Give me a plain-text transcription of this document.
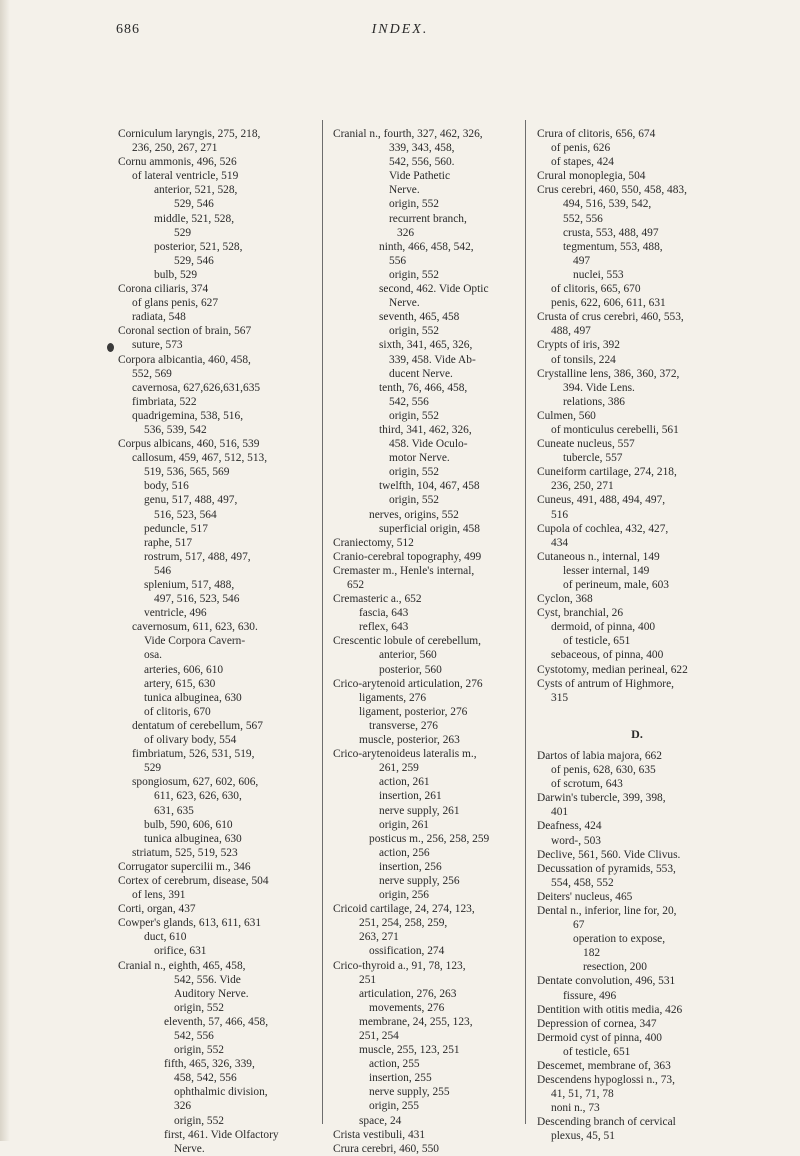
686	INDEX.
Corniculum laryngis, 275, 218,
236, 250, 267, 271
Cornu ammonis, 496, 526
of lateral ventricle, 519
anterior, 521, 528,
529, 546
middle, 521, 528,
529
posterior, 521, 528,
529, 546
bulb, 529
Corona ciliaris, 374
of glans penis, 627
radiata, 548
Coronal section of brain, 567
suture, 573
Corpora albicantia, 460, 458,
552, 569
cavernosa, 627,626,631,635
fimbriata, 522
quadrigemina, 538, 516,
536, 539, 542
Corpus albicans, 460, 516, 539
callosum, 459, 467, 512, 513,
519, 536, 565, 569
body, 516
genu, 517, 488, 497,
516, 523, 564
peduncle, 517
raphe, 517
rostrum, 517, 488, 497,
546
splenium, 517, 488,
497, 516, 523, 546
ventricle, 496
cavernosum, 611, 623, 630.
Vide Corpora Cavern-
osa.
arteries, 606, 610
artery, 615, 630
tunica albuginea, 630
of clitoris, 670
dentatum of cerebellum, 567
of olivary body, 554
fimbriatum, 526, 531, 519,
529
spongiosum, 627, 602, 606,
611, 623, 626, 630,
631, 635
bulb, 590, 606, 610
tunica albuginea, 630
striatum, 525, 519, 523
Corrugator supercilii m., 346
Cortex of cerebrum, disease, 504
of lens, 391
Corti, organ, 437
Cowper's glands, 613, 611, 631
duct, 610
orifice, 631
Cranial n., eighth, 465, 458,
542, 556. Vide
Auditory Nerve.
origin, 552
eleventh, 57, 466, 458,
542, 556
origin, 552
fifth, 465, 326, 339,
458, 542, 556
ophthalmic division,
326
origin, 552
first, 461. Vide Olfactory
Nerve.
Cranial n., fourth, 327, 462, 326,
339, 343, 458,
542, 556, 560.
Vide Pathetic
Nerve.
origin, 552
recurrent branch,
326
ninth, 466, 458, 542,
556
origin, 552
second, 462. Vide Optic
Nerve.
seventh, 465, 458
origin, 552
sixth, 341, 465, 326,
339, 458. Vide Ab-
ducent Nerve.
tenth, 76, 466, 458,
542, 556
origin, 552
third, 341, 462, 326,
458. Vide Oculo-
motor Nerve.
origin, 552
twelfth, 104, 467, 458
origin, 552
nerves, origins, 552
superficial origin, 458
Craniectomy, 512
Cranio-cerebral topography, 499
Cremaster m., Henle's internal,
652
Cremasteric a., 652
fascia, 643
reflex, 643
Crescentic lobule of cerebellum,
anterior, 560
posterior, 560
Crico-arytenoid articulation, 276
ligaments, 276
ligament, posterior, 276
transverse, 276
muscle, posterior, 263
Crico-arytenoideus lateralis m.,
261, 259
action, 261
insertion, 261
nerve supply, 261
origin, 261
posticus m., 256, 258, 259
action, 256
insertion, 256
nerve supply, 256
origin, 256
Cricoid cartilage, 24, 274, 123,
251, 254, 258, 259,
263, 271
ossification, 274
Crico-thyroid a., 91, 78, 123,
251
articulation, 276, 263
movements, 276
membrane, 24, 255, 123,
251, 254
muscle, 255, 123, 251
action, 255
insertion, 255
nerve supply, 255
origin, 255
space, 24
Crista vestibuli, 431
Crura cerebri, 460, 550
Crura of clitoris, 656, 674
of penis, 626
of stapes, 424
Crural monoplegia, 504
Crus cerebri, 460, 550, 458, 483,
494, 516, 539, 542,
552, 556
crusta, 553, 488, 497
tegmentum, 553, 488,
497
nuclei, 553
of clitoris, 665, 670
penis, 622, 606, 611, 631
Crusta of crus cerebri, 460, 553,
488, 497
Crypts of iris, 392
of tonsils, 224
Crystalline lens, 386, 360, 372,
394. Vide Lens.
relations, 386
Culmen, 560
of monticulus cerebelli, 561
Cuneate nucleus, 557
tubercle, 557
Cuneiform cartilage, 274, 218,
236, 250, 271
Cuneus, 491, 488, 494, 497,
516
Cupola of cochlea, 432, 427,
434
Cutaneous n., internal, 149
lesser internal, 149
of perineum, male, 603
Cyclon, 368
Cyst, branchial, 26
dermoid, of pinna, 400
of testicle, 651
sebaceous, of pinna, 400
Cystotomy, median perineal, 622
Cysts of antrum of Highmore,
315
D.
Dartos of labia majora, 662
of penis, 628, 630, 635
of scrotum, 643
Darwin's tubercle, 399, 398,
401
Deafness, 424
word-, 503
Declive, 561, 560. Vide Clivus.
Decussation of pyramids, 553,
554, 458, 552
Deiters' nucleus, 465
Dental n., inferior, line for, 20,
67
operation to expose,
182
resection, 200
Dentate convolution, 496, 531
fissure, 496
Dentition with otitis media, 426
Depression of cornea, 347
Dermoid cyst of pinna, 400
of testicle, 651
Descemet, membrane of, 363
Descendens hypoglossi n., 73,
41, 51, 71, 78
noni n., 73
Descending branch of cervical
plexus, 45, 51
